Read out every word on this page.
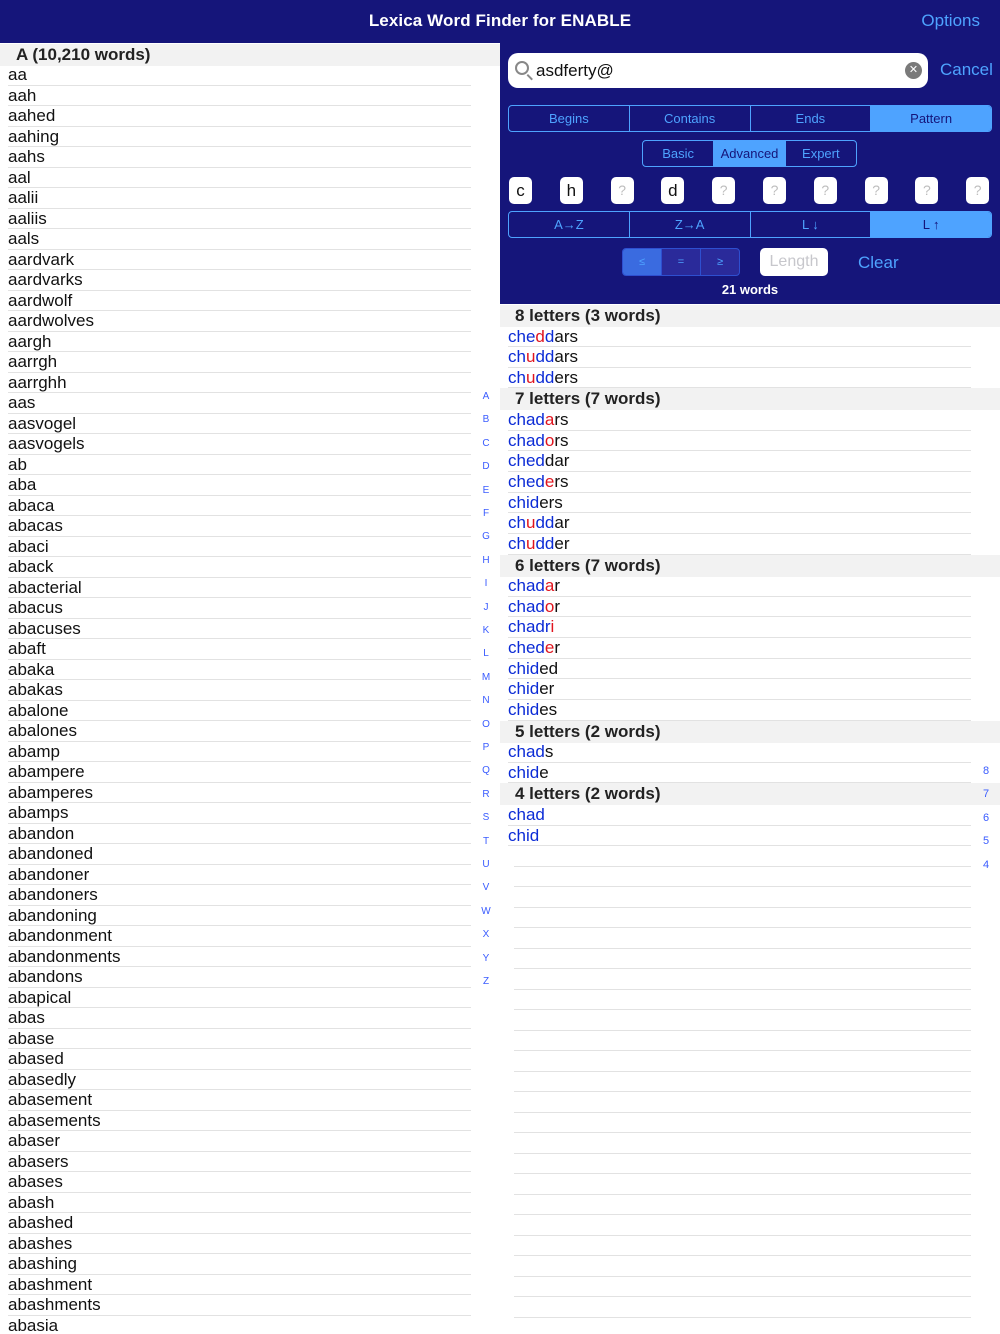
Lexica Word Finder for ENABLE	Options
A (10,210 words)
aa
aah
aahed
aahing
aahs
aal
aalii
aaliis
aals
aardvark
aardvarks
aardwolf
aardwolves
aargh
aarrgh
aarrghh
aas
aasvogel
aasvogels
ab
aba
abaca
abacas
abaci
aback
abacterial
abacus
abacuses
abaft
abaka
abakas
abalone
abalones
abamp
abampere
abamperes
abamps
abandon
abandoned
abandoner
abandoners
abandoning
abandonment
abandonments
abandons
abapical
abas
abase
abased
abasedly
abasement
abasements
abaser
abasers
abases
abash
abashed
abashes
abashing
abashment
abashments
abasia
A
B
C
D
E
F
G
H
I
J
K
L
M
N
O
P
Q
R
S
T
U
V
W
X
Y
Z
asdferty@
✕ Cancel
Begins	Contains	Ends	Pattern
Basic	Advanced	Expert
c	h	?	d	?	?	?	?	?	?
A→Z	Z→A	L ↓	L ↑
≤	=	≥	Length	Clear
21 words
8 letters (3 words)
cheddars
chuddars
chudders
7 letters (7 words)
chadars
chadors
cheddar
cheders
chiders
chuddar
chudder
6 letters (7 words)
chadar
chador
chadri
cheder
chided
chider
chides
5 letters (2 words)
chads
chide
4 letters (2 words)
chad
chid
8
7
6
5
4
